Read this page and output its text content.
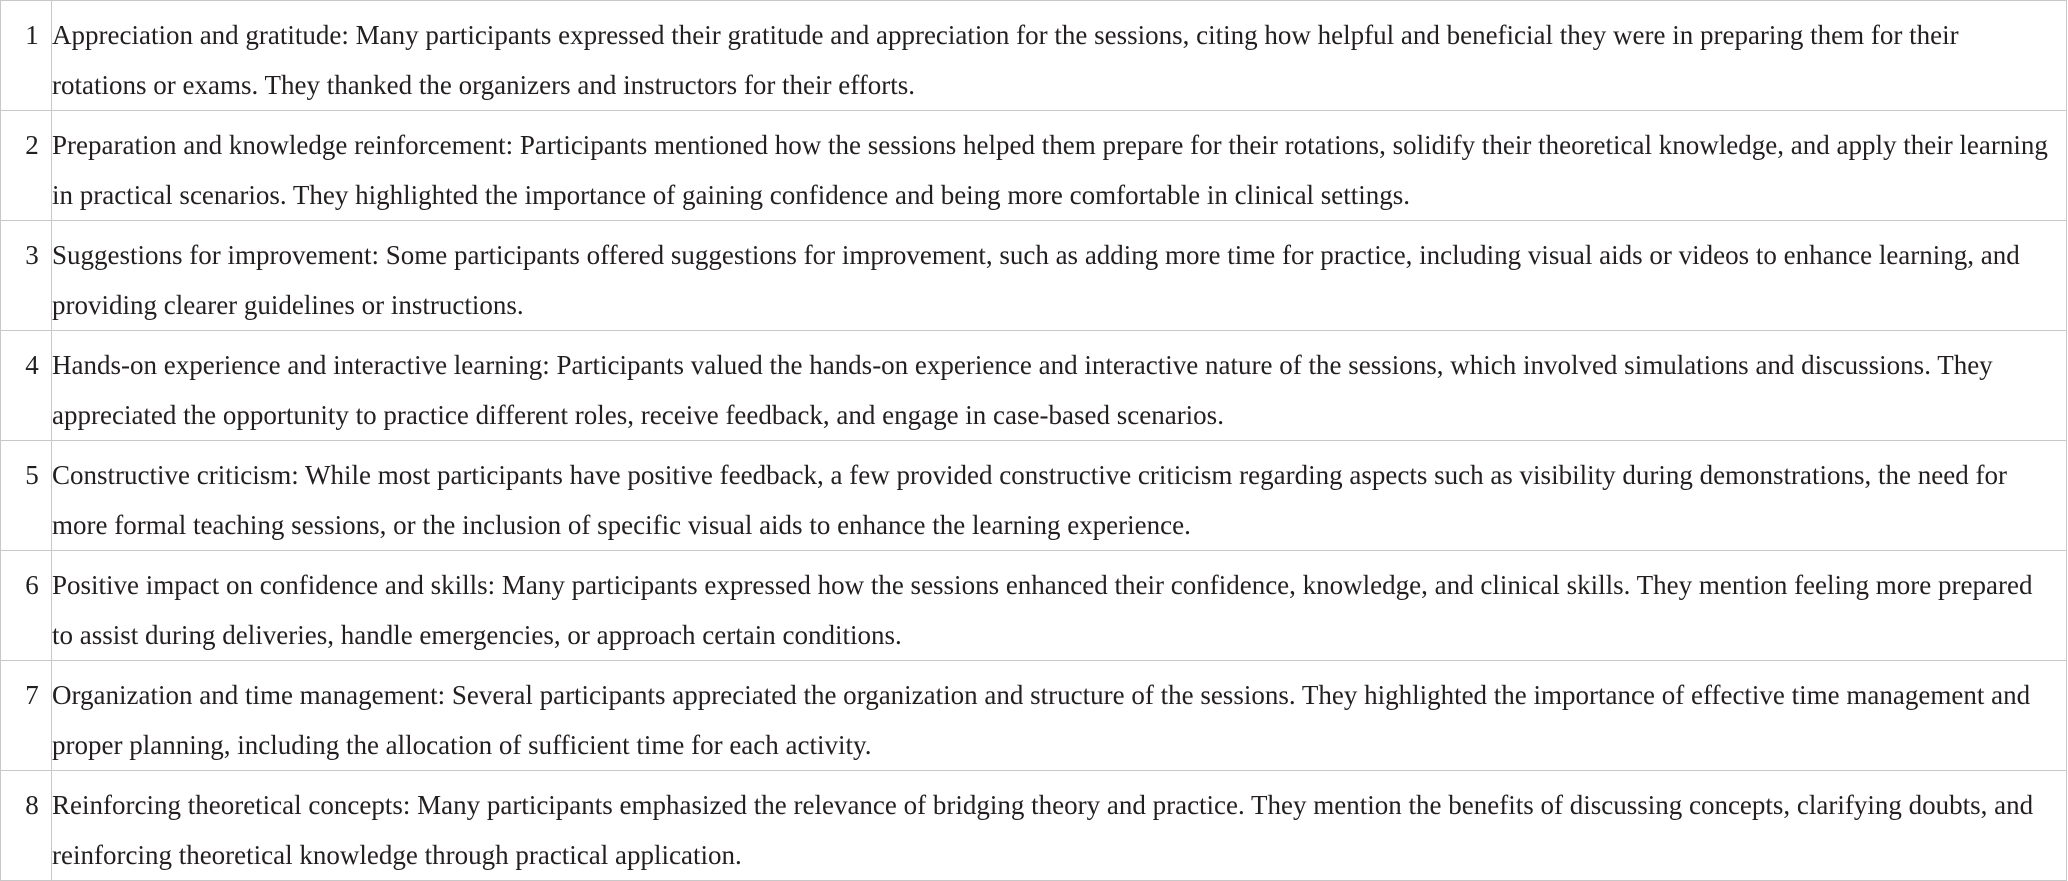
1	Appreciation and gratitude: Many participants expressed their gratitude and appreciation for the sessions, citing how helpful and beneficial they were in preparing them for their rotations or exams. They thanked the organizers and instructors for their efforts.
2	Preparation and knowledge reinforcement: Participants mentioned how the sessions helped them prepare for their rotations, solidify their theoretical knowledge, and apply their learning in practical scenarios. They highlighted the importance of gaining confidence and being more comfortable in clinical settings.
3	Suggestions for improvement: Some participants offered suggestions for improvement, such as adding more time for practice, including visual aids or videos to enhance learning, and providing clearer guidelines or instructions.
4	Hands-on experience and interactive learning: Participants valued the hands-on experience and interactive nature of the sessions, which involved simulations and discussions. They appreciated the opportunity to practice different roles, receive feedback, and engage in case-based scenarios.
5	Constructive criticism: While most participants have positive feedback, a few provided constructive criticism regarding aspects such as visibility during demonstrations, the need for more formal teaching sessions, or the inclusion of specific visual aids to enhance the learning experience.
6	Positive impact on confidence and skills: Many participants expressed how the sessions enhanced their confidence, knowledge, and clinical skills. They mention feeling more prepared to assist during deliveries, handle emergencies, or approach certain conditions.
7	Organization and time management: Several participants appreciated the organization and structure of the sessions. They highlighted the importance of effective time management and proper planning, including the allocation of sufficient time for each activity.
8	Reinforcing theoretical concepts: Many participants emphasized the relevance of bridging theory and practice. They mention the benefits of discussing concepts, clarifying doubts, and reinforcing theoretical knowledge through practical application.
